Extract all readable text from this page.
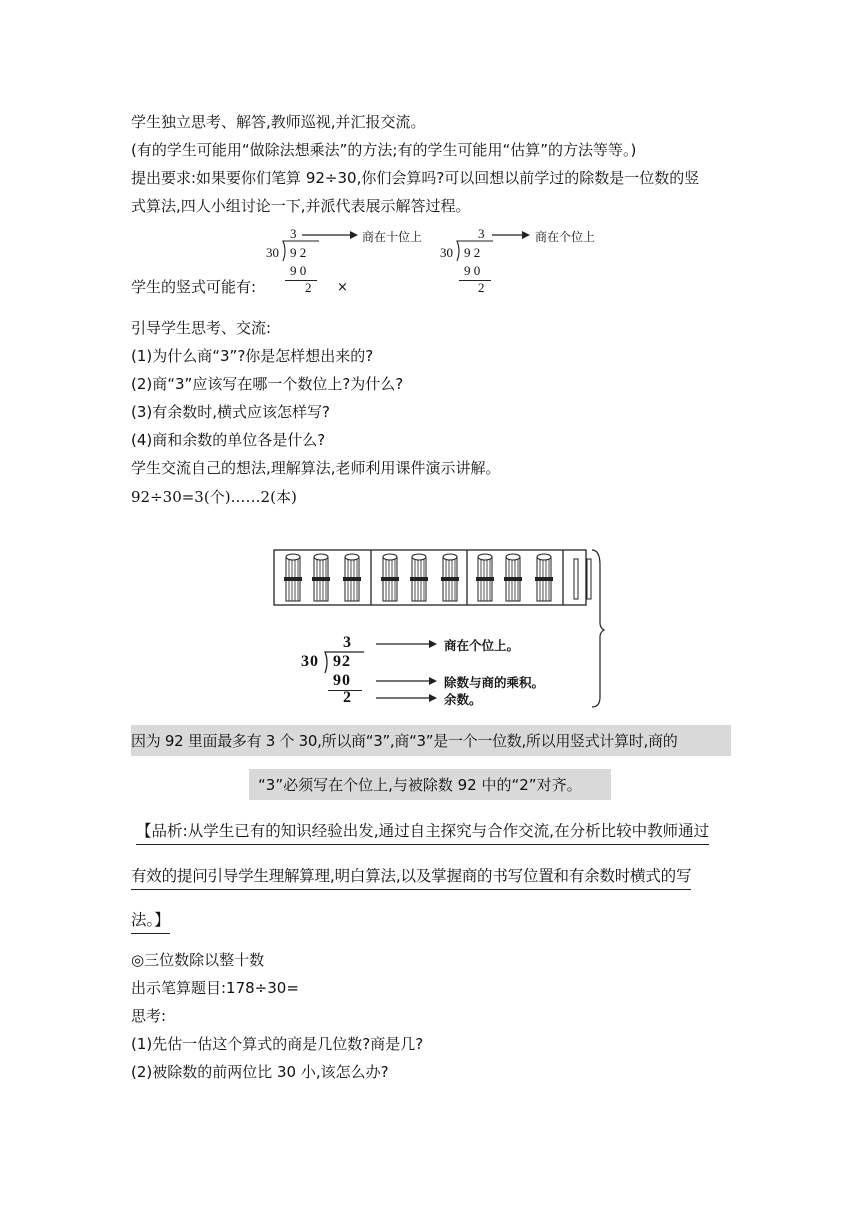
学生独立思考、解答,教师巡视,并汇报交流。
(有的学生可能用“做除法想乘法”的方法;有的学生可能用“估算”的方法等等。)
提出要求:如果要你们笔算 92÷30,你们会算吗?可以回想以前学过的除数是一位数的竖
式算法,四人小组讨论一下,并派代表展示解答过程。
学生的竖式可能有:
3	商在十位上
30 9 2
9 0
2 ×
3	商在个位上
30 9 2
9 0
2
引导学生思考、交流:
(1)为什么商“3”?你是怎样想出来的?
(2)商“3”应该写在哪一个数位上?为什么?
(3)有余数时,横式应该怎样写?
(4)商和余数的单位各是什么?
学生交流自己的想法,理解算法,老师利用课件演示讲解。
92÷30=3(个)……2(本)
3
30 92
90
2
商在个位上。
除数与商的乘积。
余数。
因为 92 里面最多有 3 个 30,所以商“3”,商“3”是一个一位数,所以用竖式计算时,商的
“3”必须写在个位上,与被除数 92 中的“2”对齐。
【品析:从学生已有的知识经验出发,通过自主探究与合作交流,在分析比较中教师通过
有效的提问引导学生理解算理,明白算法,以及掌握商的书写位置和有余数时横式的写
法。】
◎三位数除以整十数
出示笔算题目:178÷30=
思考:
(1)先估一估这个算式的商是几位数?商是几?
(2)被除数的前两位比 30 小,该怎么办?
